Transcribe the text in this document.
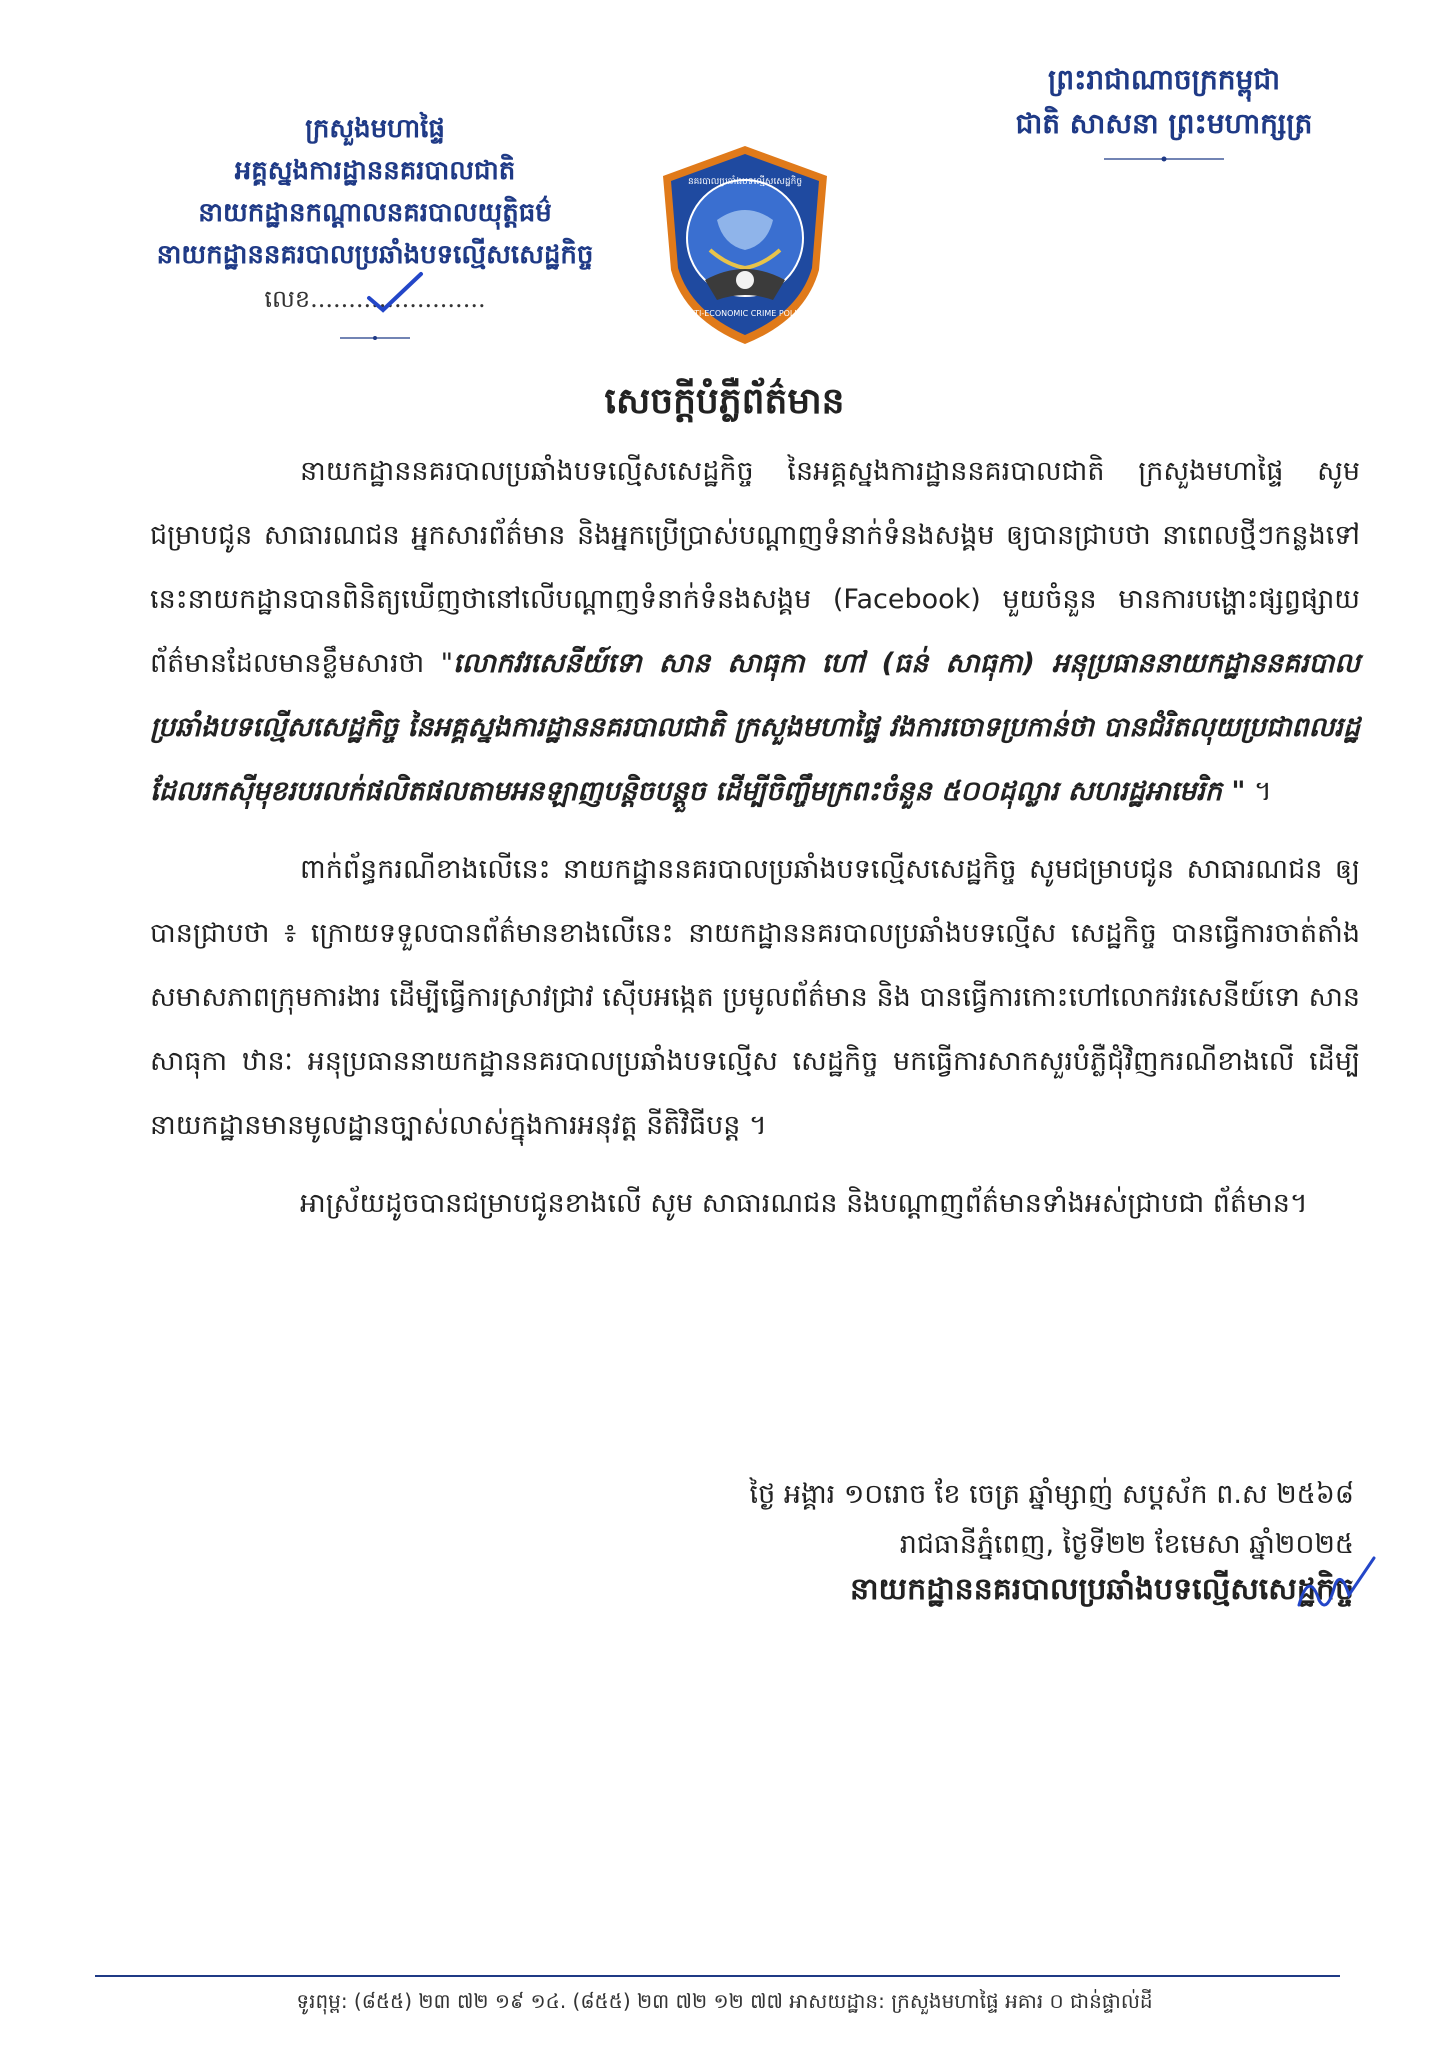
ព្រះរាជាណាចក្រកម្ពុជា
ជាតិ សាសនា ព្រះមហាក្សត្រ
ក្រសួងមហាផ្ទៃ
អគ្គស្នងការដ្ឋាននគរបាលជាតិ
នាយកដ្ឋានកណ្តាលនគរបាលយុត្តិធម៌
នាយកដ្ឋាននគរបាលប្រឆាំងបទល្មើសសេដ្ឋកិច្ច
លេខ.......................
នគរបាលប្រឆាំងបទល្មើសសេដ្ឋកិច្ច
ANTI-ECONOMIC CRIME POLICE
សេចក្តីបំភ្លឺព័ត៌មាន

នាយកដ្ឋាននគរបាលប្រឆាំងបទល្មើសសេដ្ឋកិច្ច នៃអគ្គស្នងការដ្ឋាននគរបាលជាតិ ក្រសួងមហាផ្ទៃ សូមជម្រាបជូន សាធារណជន អ្នកសារព័ត៌មាន និងអ្នកប្រើប្រាស់បណ្តាញទំនាក់ទំនងសង្គម ឲ្យបានជ្រាបថា នាពេលថ្មីៗកន្លងទៅនេះនាយកដ្ឋានបានពិនិត្យឃើញថានៅលើបណ្តាញទំនាក់ទំនងសង្គម (Facebook) មួយចំនួន មានការបង្ហោះផ្សព្វផ្សាយព័ត៌មានដែលមានខ្លឹមសារថា "លោកវរសេនីយ៍ទោ សាន សាធុកា ហៅ (ធន់ សាធុកា) អនុប្រធាននាយកដ្ឋាននគរបាលប្រឆាំងបទល្មើសសេដ្ឋកិច្ច នៃអគ្គស្នងការដ្ឋាននគរបាលជាតិ ក្រសួងមហាផ្ទៃ វងការចោទប្រកាន់ថា បានជំរិតលុយប្រជាពលរដ្ឋ ដែលរកស៊ីមុខរបរលក់ផលិតផលតាមអនឡាញបន្តិចបន្តួច ដើម្បីចិញ្ចឹមក្រពះចំនួន ៥០០ដុល្លារ សហរដ្ឋអាមេរិក " ។

ពាក់ព័ន្ធករណីខាងលើនេះ នាយកដ្ឋាននគរបាលប្រឆាំងបទល្មើសសេដ្ឋកិច្ច សូមជម្រាបជូន សាធារណជន ឲ្យបានជ្រាបថា ៖ ក្រោយទទួលបានព័ត៌មានខាងលើនេះ នាយកដ្ឋាននគរបាលប្រឆាំងបទល្មើស សេដ្ឋកិច្ច បានធ្វើការចាត់តាំងសមាសភាពក្រុមការងារ ដើម្បីធ្វើការស្រាវជ្រាវ ស៊ើបអង្កេត ប្រមូលព័ត៌មាន និង បានធ្វើការកោះហៅលោកវរសេនីយ៍ទោ សាន សាធុកា ឋានៈ អនុប្រធាននាយកដ្ឋាននគរបាលប្រឆាំងបទល្មើស សេដ្ឋកិច្ច មកធ្វើការសាកសួរបំភ្លឺជុំវិញករណីខាងលើ ដើម្បី នាយកដ្ឋានមានមូលដ្ឋានច្បាស់លាស់ក្នុងការអនុវត្ត នីតិវិធីបន្ត ។

អាស្រ័យដូចបានជម្រាបជូនខាងលើ សូម សាធារណជន និងបណ្តាញព័ត៌មានទាំងអស់ជ្រាបជា ព័ត៌មាន។

ថ្ងៃ អង្គារ ១០រោច ខែ ចេត្រ ឆ្នាំម្សាញ់ សប្តស័ក ព.ស ២៥៦៨
រាជធានីភ្នំពេញ, ថ្ងៃទី២២ ខែមេសា ឆ្នាំ២០២៥
នាយកដ្ឋាននគរបាលប្រឆាំងបទល្មើសសេដ្ឋកិច្ច
ទូរពុម្ព: (៨៥៥) ២៣ ៧២ ១៩ ១៤. (៨៥៥) ២៣ ៧២ ១២ ៧៧ អាសយដ្ឋាន: ក្រសួងមហាផ្ទៃ អគារ ០ ជាន់ផ្ទាល់ដី
